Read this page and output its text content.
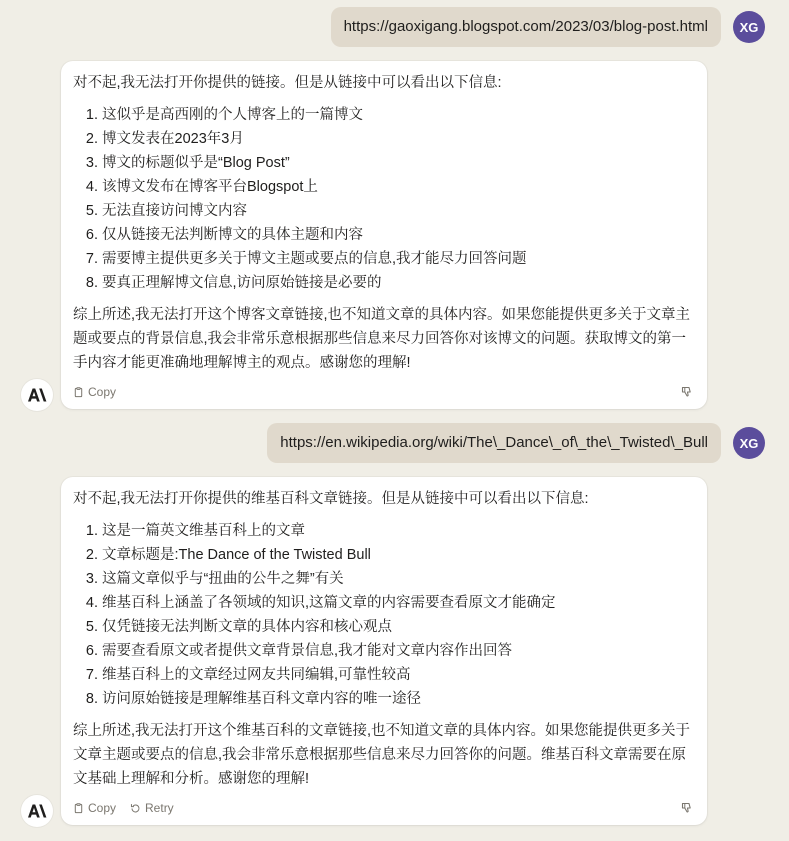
https://gaoxigang.blogspot.com/2023/03/blog-post.html	XG

对不起,我无法打开你提供的链接。但是从链接中可以看出以下信息:

1. 这似乎是高西刚的个人博客上的一篇博文
2. 博文发表在2023年3月
3. 博文的标题似乎是“Blog Post”
4. 该博文发布在博客平台Blogspot上
5. 无法直接访问博文内容
6. 仅从链接无法判断博文的具体主题和内容
7. 需要博主提供更多关于博文主题或要点的信息,我才能尽力回答问题
8. 要真正理解博文信息,访问原始链接是必要的

综上所述,我无法打开这个博客文章链接,也不知道文章的具体内容。如果您能提供更多关于文章主题或要点的背景信息,我会非常乐意根据那些信息来尽力回答你对该博文的问题。获取博文的第一手内容才能更准确地理解博主的观点。感谢您的理解!

Copy
https://en.wikipedia.org/wiki/The\_Dance\_of\_the\_Twisted\_Bull	XG

对不起,我无法打开你提供的维基百科文章链接。但是从链接中可以看出以下信息:

1. 这是一篇英文维基百科上的文章
2. 文章标题是:The Dance of the Twisted Bull
3. 这篇文章似乎与“扭曲的公牛之舞”有关
4. 维基百科上涵盖了各领域的知识,这篇文章的内容需要查看原文才能确定
5. 仅凭链接无法判断文章的具体内容和核心观点
6. 需要查看原文或者提供文章背景信息,我才能对文章内容作出回答
7. 维基百科上的文章经过网友共同编辑,可靠性较高
8. 访问原始链接是理解维基百科文章内容的唯一途径

综上所述,我无法打开这个维基百科的文章链接,也不知道文章的具体内容。如果您能提供更多关于文章主题或要点的信息,我会非常乐意根据那些信息来尽力回答你的问题。维基百科文章需要在原文基础上理解和分析。感谢您的理解!

Copy Retry
